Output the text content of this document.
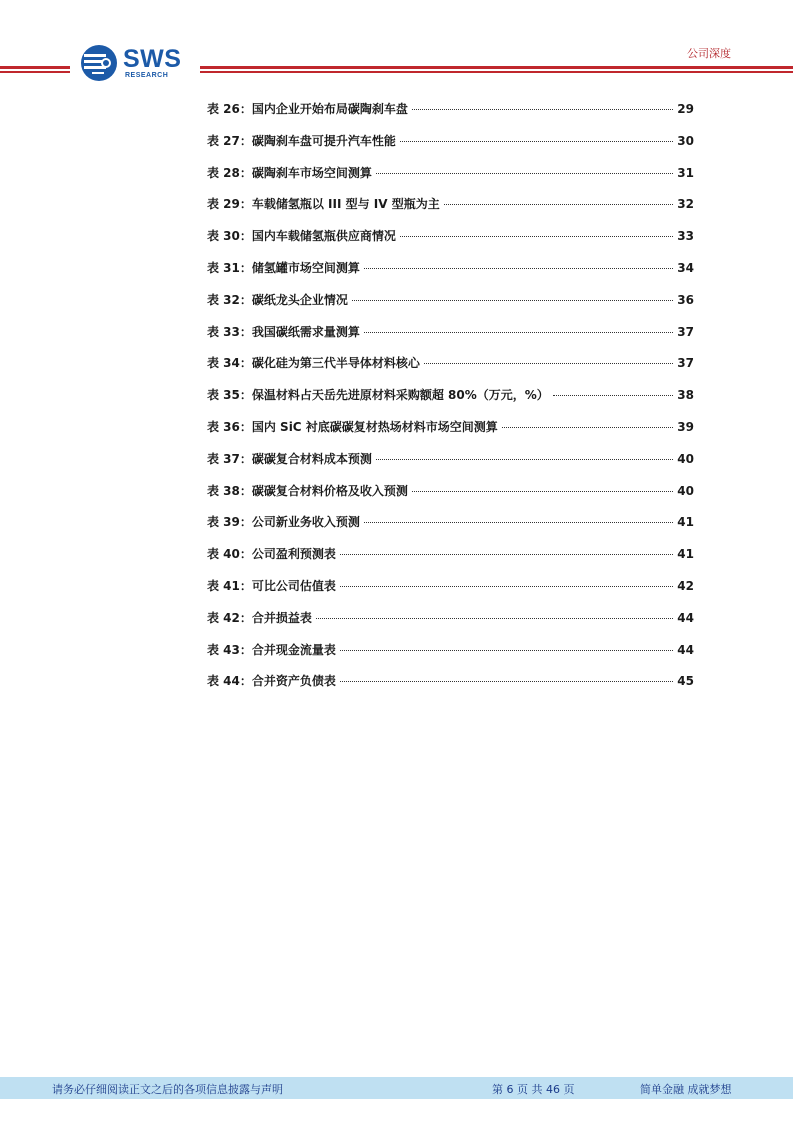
SWS
RESEARCH
公司深度
表 26：国内企业开始布局碳陶刹车盘	29
表 27：碳陶刹车盘可提升汽车性能	30
表 28：碳陶刹车市场空间测算	31
表 29：车载储氢瓶以 III 型与 IV 型瓶为主	32
表 30：国内车载储氢瓶供应商情况	33
表 31：储氢罐市场空间测算	34
表 32：碳纸龙头企业情况	36
表 33：我国碳纸需求量测算	37
表 34：碳化硅为第三代半导体材料核心	37
表 35：保温材料占天岳先进原材料采购额超 80%（万元，%）	38
表 36：国内 SiC 衬底碳碳复材热场材料市场空间测算	39
表 37：碳碳复合材料成本预测	40
表 38：碳碳复合材料价格及收入预测	40
表 39：公司新业务收入预测	41
表 40：公司盈利预测表	41
表 41：可比公司估值表	42
表 42：合并损益表	44
表 43：合并现金流量表	44
表 44：合并资产负债表	45
请务必仔细阅读正文之后的各项信息披露与声明	第 6 页 共 46 页	简单金融 成就梦想
